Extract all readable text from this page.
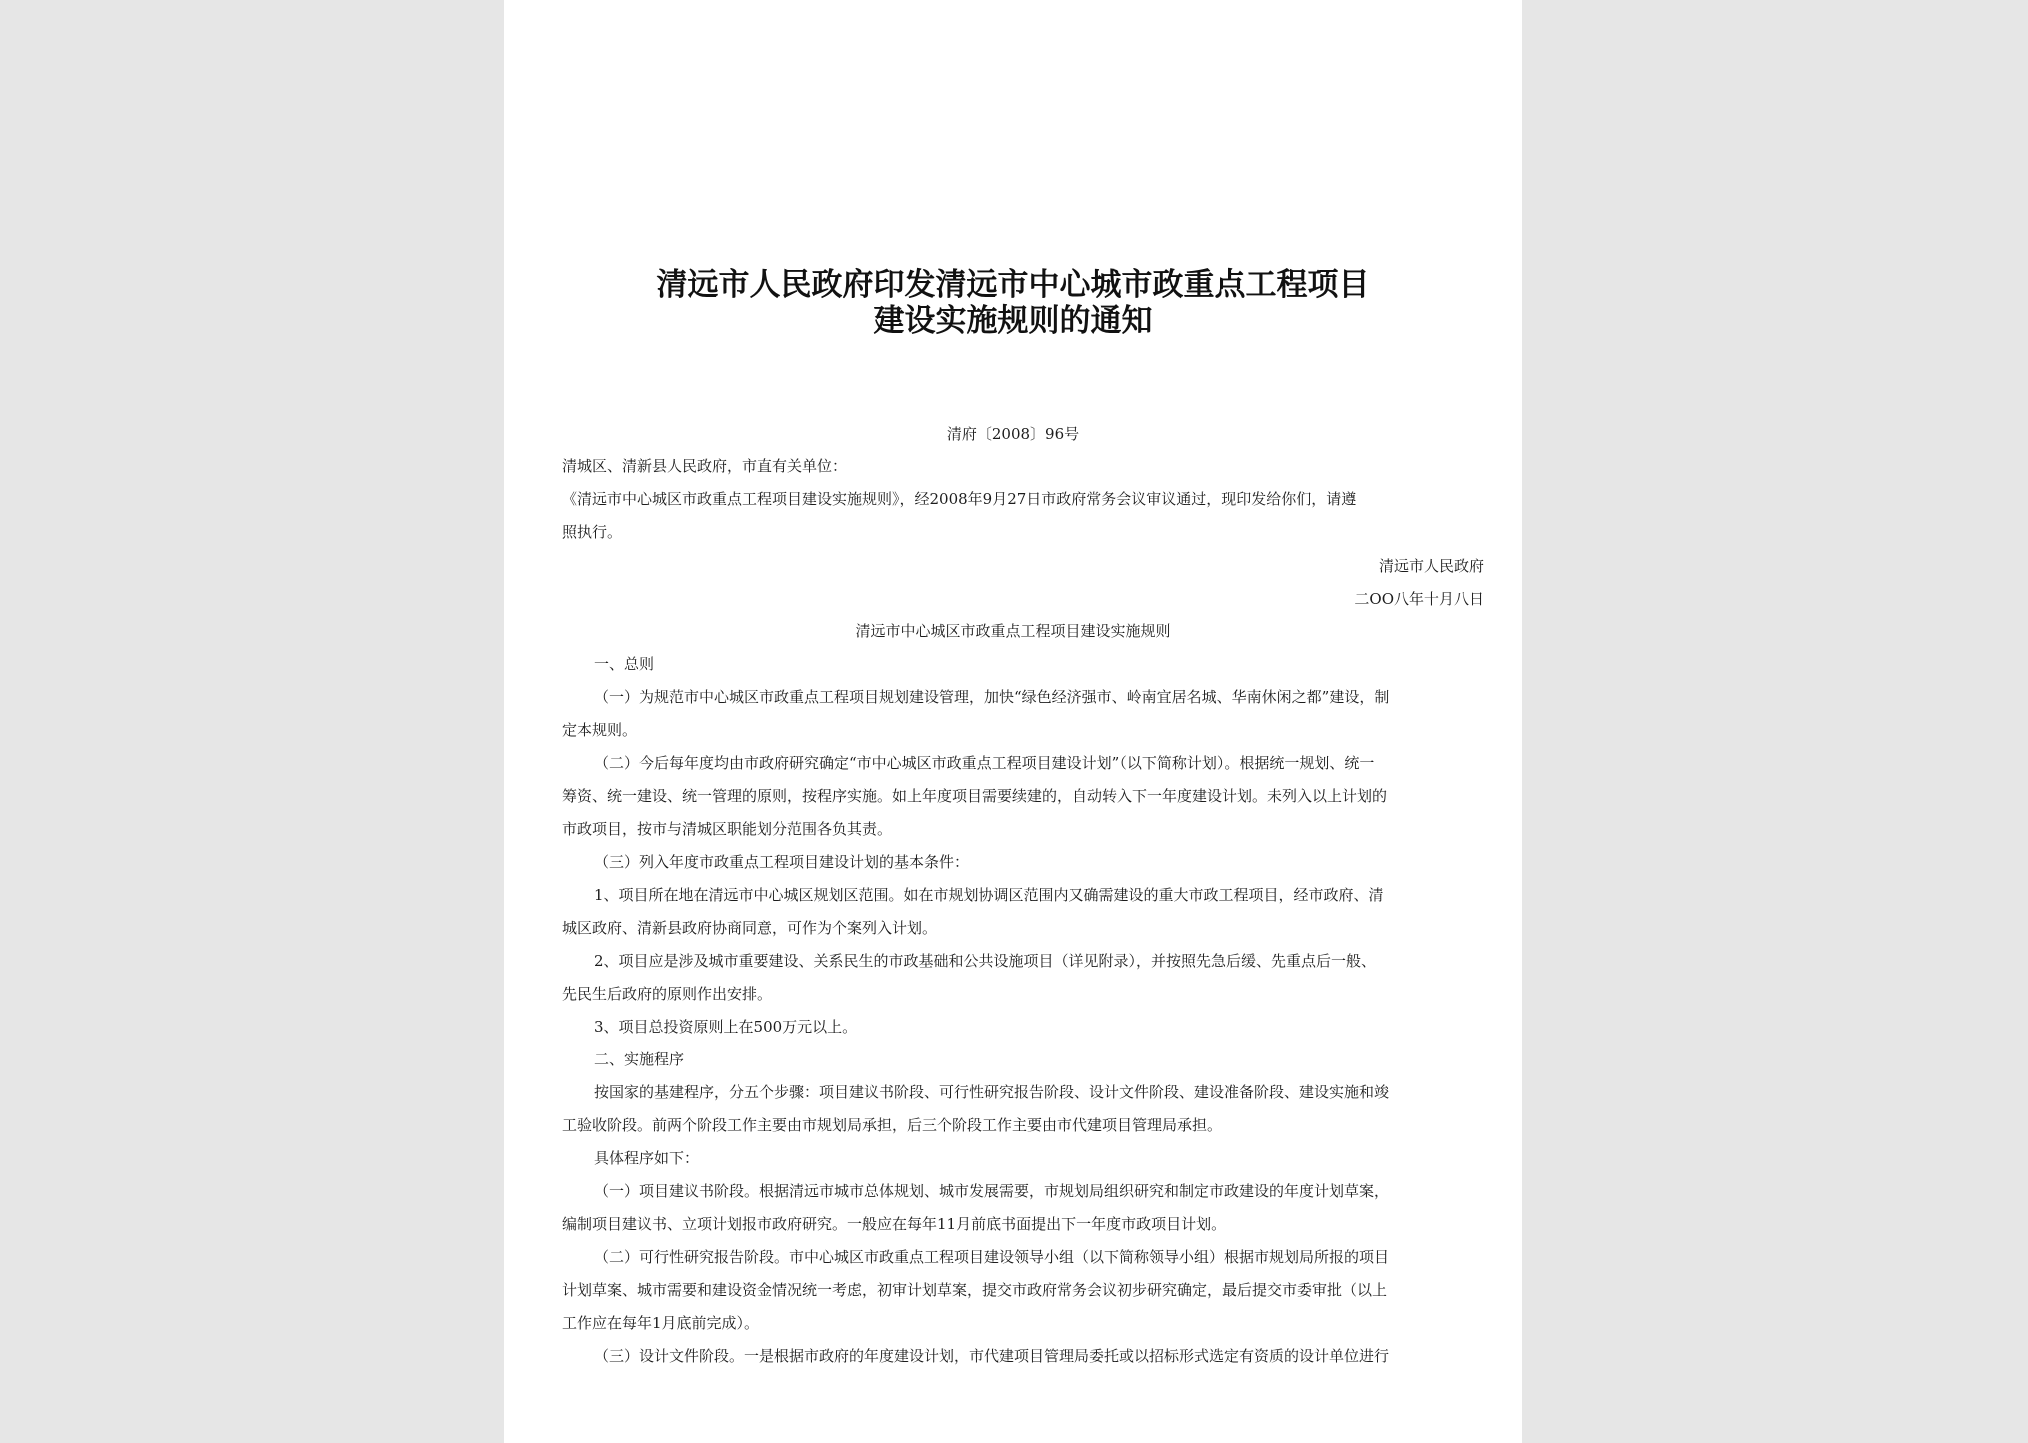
清远市人民政府印发清远市中心城市政重点工程项目
建设实施规则的通知
清府〔2008〕96号
清城区、清新县人民政府，市直有关单位：
《清远市中心城区市政重点工程项目建设实施规则》，经2008年9月27日市政府常务会议审议通过，现印发给你们，请遵
照执行。
清远市人民政府
二OO八年十月八日
清远市中心城区市政重点工程项目建设实施规则
一、总则
（一）为规范市中心城区市政重点工程项目规划建设管理，加快“绿色经济强市、岭南宜居名城、华南休闲之都”建设，制
定本规则。
（二）今后每年度均由市政府研究确定“市中心城区市政重点工程项目建设计划”（以下简称计划）。根据统一规划、统一
筹资、统一建设、统一管理的原则，按程序实施。如上年度项目需要续建的，自动转入下一年度建设计划。未列入以上计划的
市政项目，按市与清城区职能划分范围各负其责。
（三）列入年度市政重点工程项目建设计划的基本条件：
1、项目所在地在清远市中心城区规划区范围。如在市规划协调区范围内又确需建设的重大市政工程项目，经市政府、清
城区政府、清新县政府协商同意，可作为个案列入计划。
2、项目应是涉及城市重要建设、关系民生的市政基础和公共设施项目（详见附录），并按照先急后缓、先重点后一般、
先民生后政府的原则作出安排。
3、项目总投资原则上在500万元以上。
二、实施程序
按国家的基建程序，分五个步骤：项目建议书阶段、可行性研究报告阶段、设计文件阶段、建设准备阶段、建设实施和竣
工验收阶段。前两个阶段工作主要由市规划局承担，后三个阶段工作主要由市代建项目管理局承担。
具体程序如下：
（一）项目建议书阶段。根据清远市城市总体规划、城市发展需要，市规划局组织研究和制定市政建设的年度计划草案，
编制项目建议书、立项计划报市政府研究。一般应在每年11月前底书面提出下一年度市政项目计划。
（二）可行性研究报告阶段。市中心城区市政重点工程项目建设领导小组（以下简称领导小组）根据市规划局所报的项目
计划草案、城市需要和建设资金情况统一考虑，初审计划草案，提交市政府常务会议初步研究确定，最后提交市委审批（以上
工作应在每年1月底前完成）。
（三）设计文件阶段。一是根据市政府的年度建设计划，市代建项目管理局委托或以招标形式选定有资质的设计单位进行
